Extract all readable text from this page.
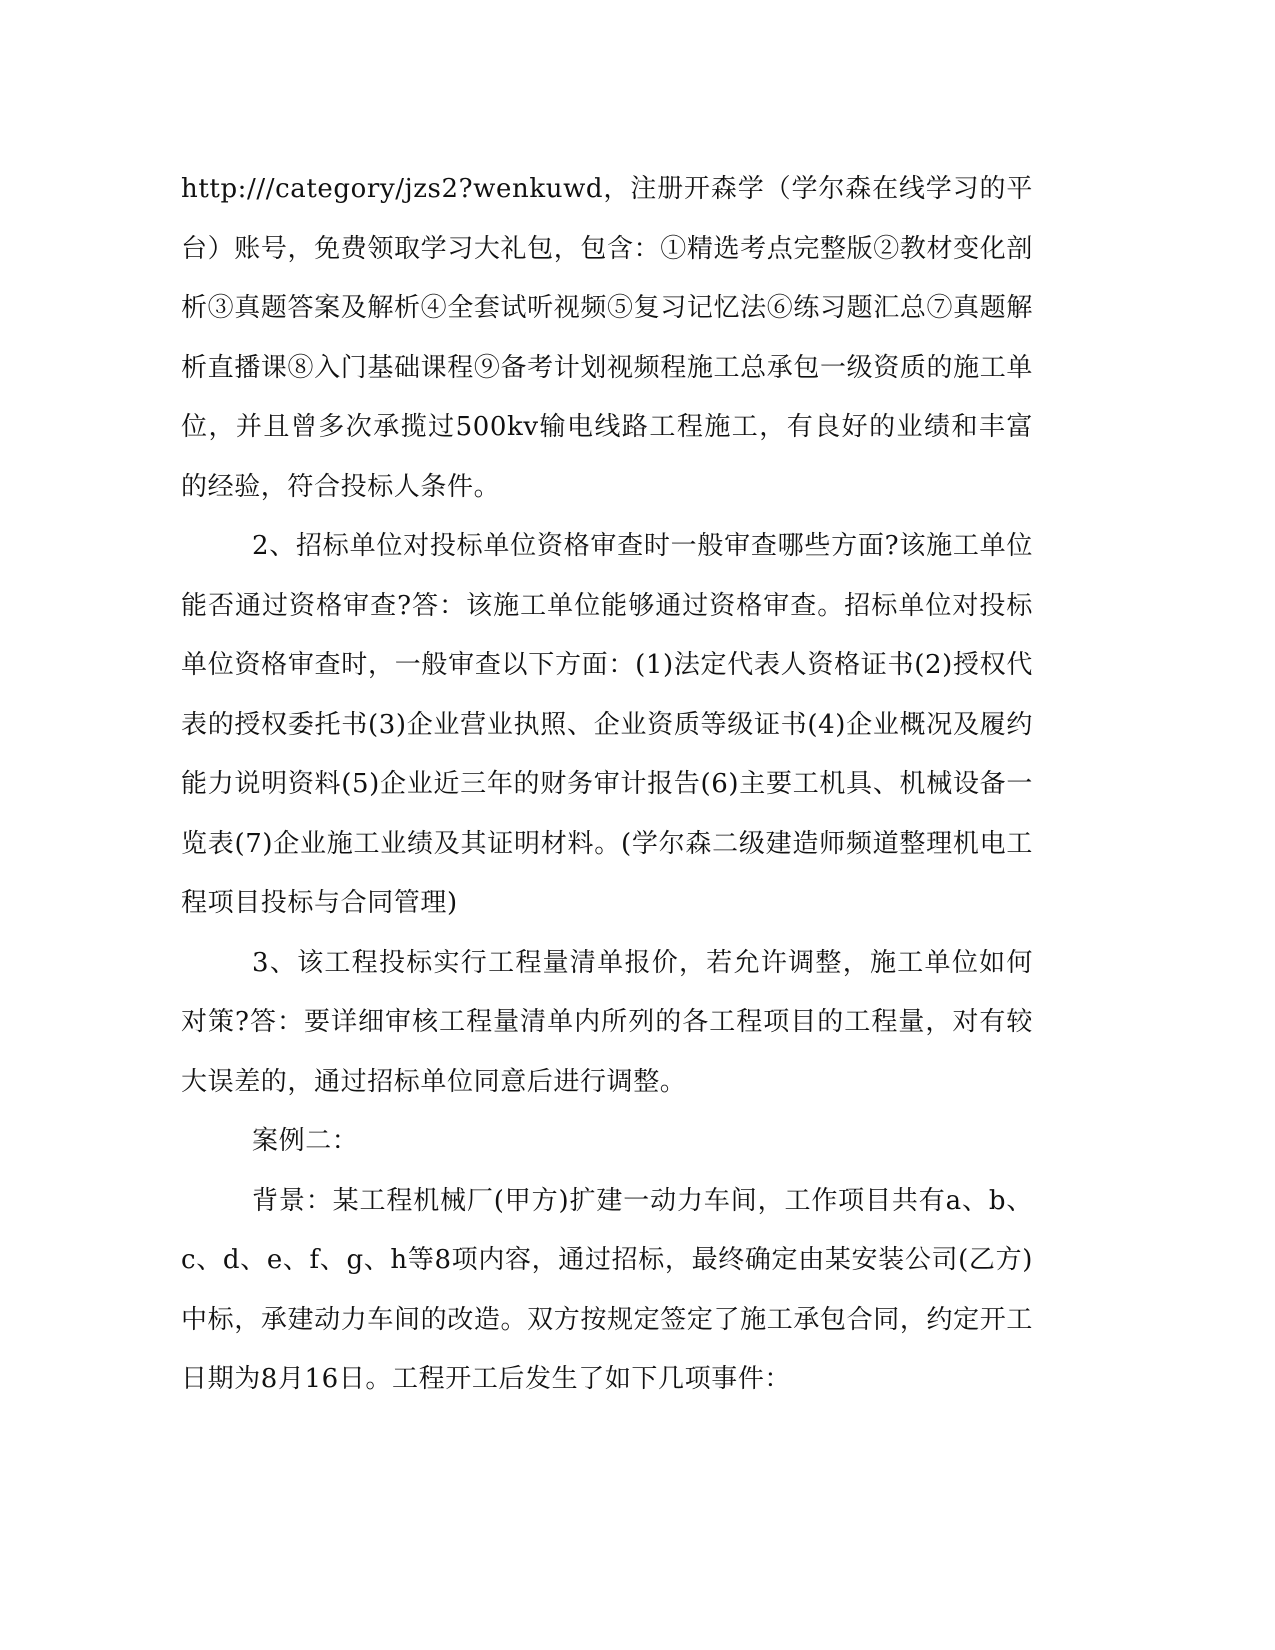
http:///category/jzs2?wenkuwd，注册开森学（学尔森在线学习的平台）账号，免费领取学习大礼包，包含：①精选考点完整版②教材变化剖析③真题答案及解析④全套试听视频⑤复习记忆法⑥练习题汇总⑦真题解析直播课⑧入门基础课程⑨备考计划视频程施工总承包一级资质的施工单位，并且曾多次承揽过500kv输电线路工程施工，有良好的业绩和丰富的经验，符合投标人条件。

2、招标单位对投标单位资格审查时一般审查哪些方面?该施工单位能否通过资格审查?答：该施工单位能够通过资格审查。招标单位对投标单位资格审查时，一般审查以下方面：(1)法定代表人资格证书(2)授权代表的授权委托书(3)企业营业执照、企业资质等级证书(4)企业概况及履约能力说明资料(5)企业近三年的财务审计报告(6)主要工机具、机械设备一览表(7)企业施工业绩及其证明材料。(学尔森二级建造师频道整理机电工程项目投标与合同管理)

3、该工程投标实行工程量清单报价，若允许调整，施工单位如何对策?答：要详细审核工程量清单内所列的各工程项目的工程量，对有较大误差的，通过招标单位同意后进行调整。

案例二：

背景：某工程机械厂(甲方)扩建一动力车间，工作项目共有a、b、c、d、e、f、g、h等8项内容，通过招标，最终确定由某安装公司(乙方)中标，承建动力车间的改造。双方按规定签定了施工承包合同，约定开工日期为8月16日。工程开工后发生了如下几项事件：
